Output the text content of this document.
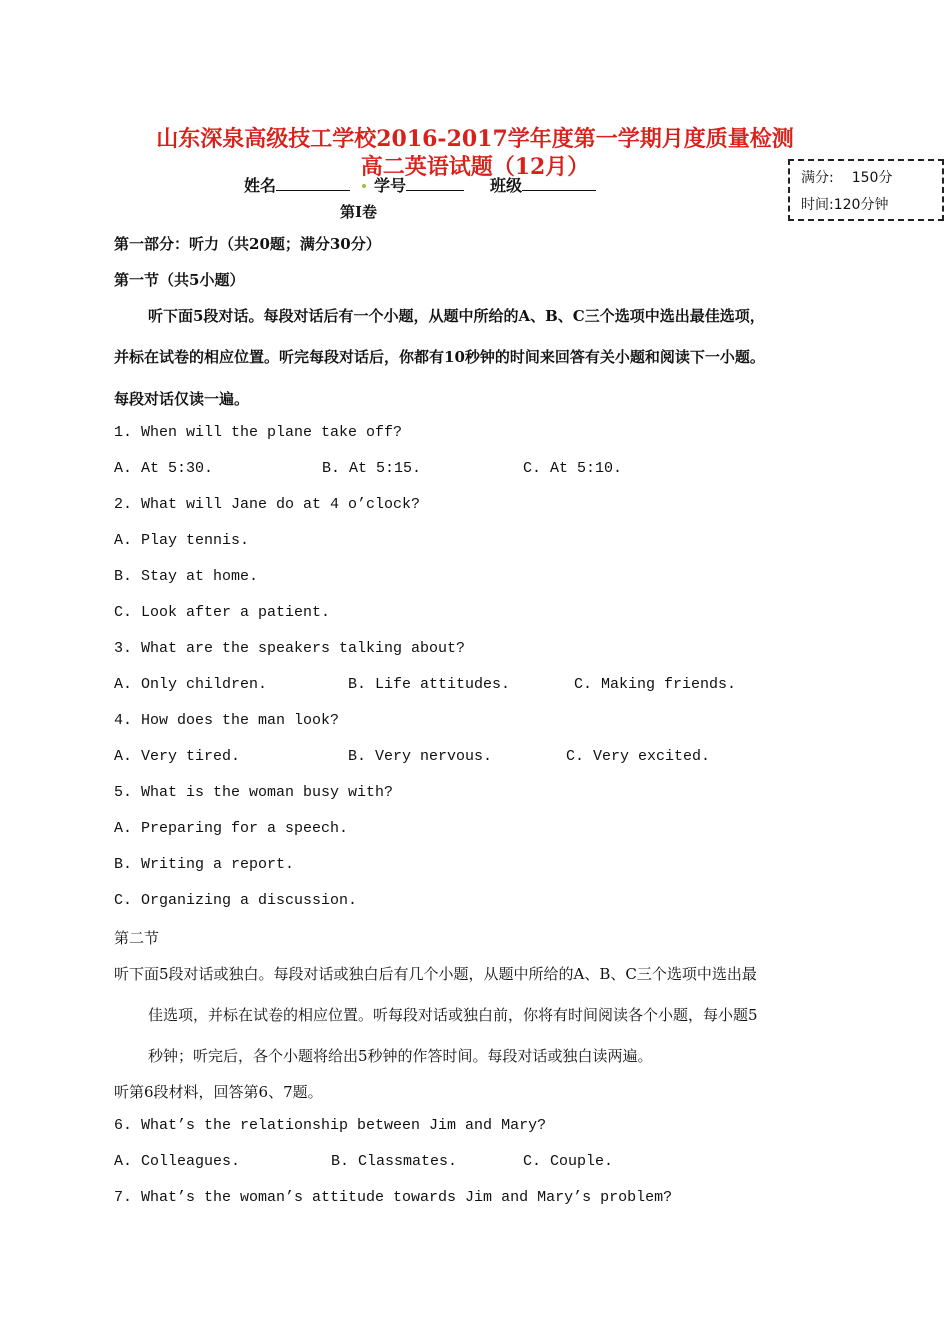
山东深泉高级技工学校2016-2017学年度第一学期月度质量检测
高二英语试题（12月）	满分: 150分
时间:120分钟
姓名	学号	班级
第Ⅰ卷
第一部分：听力（共20题；满分30分）
第一节（共5小题）
听下面5段对话。每段对话后有一个小题，从题中所给的A、B、C三个选项中选出最佳选项，
并标在试卷的相应位置。听完每段对话后，你都有10秒钟的时间来回答有关小题和阅读下一小题。
每段对话仅读一遍。
1. When will the plane take off?
A. At 5:30.	B. At 5:15.	C. At 5:10.
2. What will Jane do at 4 o’clock?
A. Play tennis.
B. Stay at home.
C. Look after a patient.
3. What are the speakers talking about?
A. Only children.	B. Life attitudes.	C. Making friends.
4. How does the man look?
A. Very tired.	B. Very nervous.	C. Very excited.
5. What is the woman busy with?
A. Preparing for a speech.
B. Writing a report.
C. Organizing a discussion.
第二节
听下面5段对话或独白。每段对话或独白后有几个小题，从题中所给的A、B、C三个选项中选出最
佳选项，并标在试卷的相应位置。听每段对话或独白前，你将有时间阅读各个小题，每小题5
秒钟；听完后，各个小题将给出5秒钟的作答时间。每段对话或独白读两遍。
听第6段材料，回答第6、7题。
6. What’s the relationship between Jim and Mary?
A. Colleagues.	B. Classmates.	C. Couple.
7. What’s the woman’s attitude towards Jim and Mary’s problem?
